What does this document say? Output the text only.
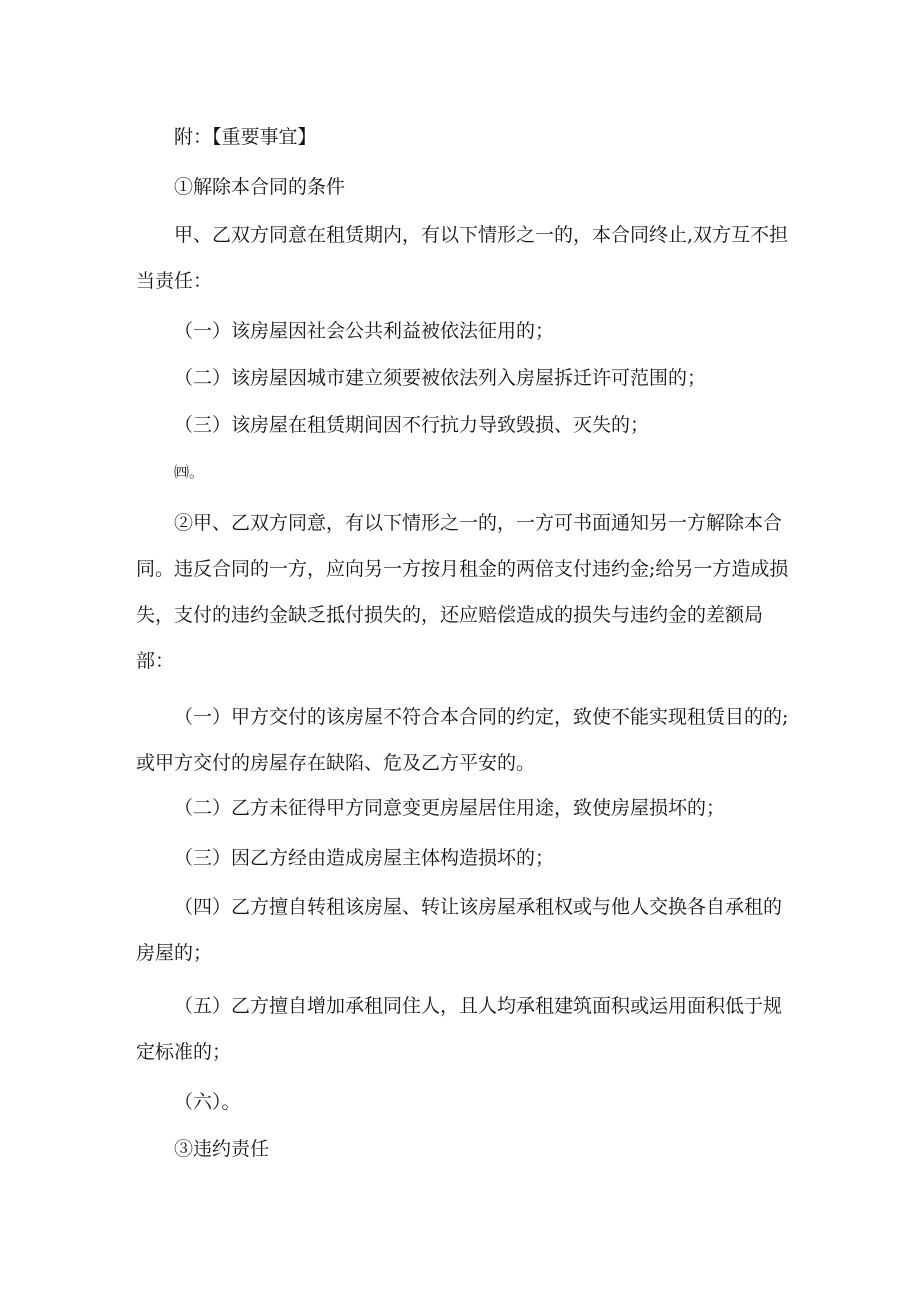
附：【重要事宜】

①解除本合同的条件

甲、乙双方同意在租赁期内，有以下情形之一的，本合同终止,双方互不担当责任：

（一）该房屋因社会公共利益被依法征用的；

（二）该房屋因城市建立须要被依法列入房屋拆迁许可范围的；

（三）该房屋在租赁期间因不行抗力导致毁损、灭失的；

㈣。

②甲、乙双方同意，有以下情形之一的，一方可书面通知另一方解除本合同。违反合同的一方，应向另一方按月租金的两倍支付违约金;给另一方造成损失，支付的违约金缺乏抵付损失的，还应赔偿造成的损失与违约金的差额局部：

（一）甲方交付的该房屋不符合本合同的约定，致使不能实现租赁目的的;或甲方交付的房屋存在缺陷、危及乙方平安的。

（二）乙方未征得甲方同意变更房屋居住用途，致使房屋损坏的；

（三）因乙方经由造成房屋主体构造损坏的；

（四）乙方擅自转租该房屋、转让该房屋承租权或与他人交换各自承租的房屋的；

（五）乙方擅自增加承租同住人，且人均承租建筑面积或运用面积低于规定标准的；

（六）。

③违约责任
